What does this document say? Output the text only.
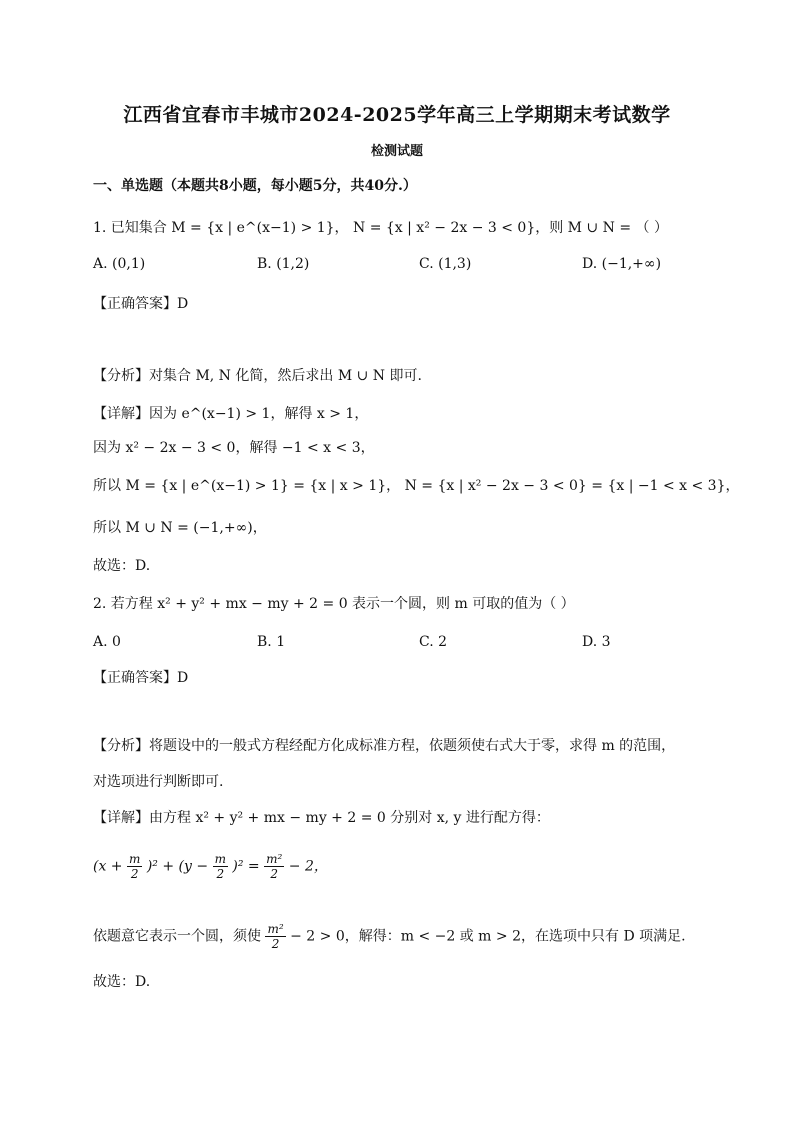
江西省宜春市丰城市2024-2025学年高三上学期期末考试数学
检测试题
一、单选题（本题共8小题，每小题5分，共40分.）
1. 已知集合 M = {x | e^(x−1) > 1}， N = {x | x² − 2x − 3 < 0}，则 M ∪ N = （ ）
A. (0,1)	B. (1,2)	C. (1,3)	D. (−1,+∞)
【正确答案】D
【分析】对集合 M, N 化简，然后求出 M ∪ N 即可.
【详解】因为 e^(x−1) > 1，解得 x > 1，
因为 x² − 2x − 3 < 0，解得 −1 < x < 3，
所以 M = {x | e^(x−1) > 1} = {x | x > 1}， N = {x | x² − 2x − 3 < 0} = {x | −1 < x < 3}，
所以 M ∪ N = (−1,+∞)，
故选：D.
2. 若方程 x² + y² + mx − my + 2 = 0 表示一个圆，则 m 可取的值为（ ）
A. 0	B. 1	C. 2	D. 3
【正确答案】D
【分析】将题设中的一般式方程经配方化成标准方程，依题须使右式大于零，求得 m 的范围，
对选项进行判断即可.
【详解】由方程 x² + y² + mx − my + 2 = 0 分别对 x, y 进行配方得：
$(x + \frac{m}{2} )^2 + (y - \frac{m}{2} )^2 = \frac{\text{m²}}{2} - 2$，
依题意它表示一个圆，须使 $\frac{\text{m²}}{2} - 2 > 0$，解得：m < −2 或 m > 2，在选项中只有 D 项满足.
故选：D.
